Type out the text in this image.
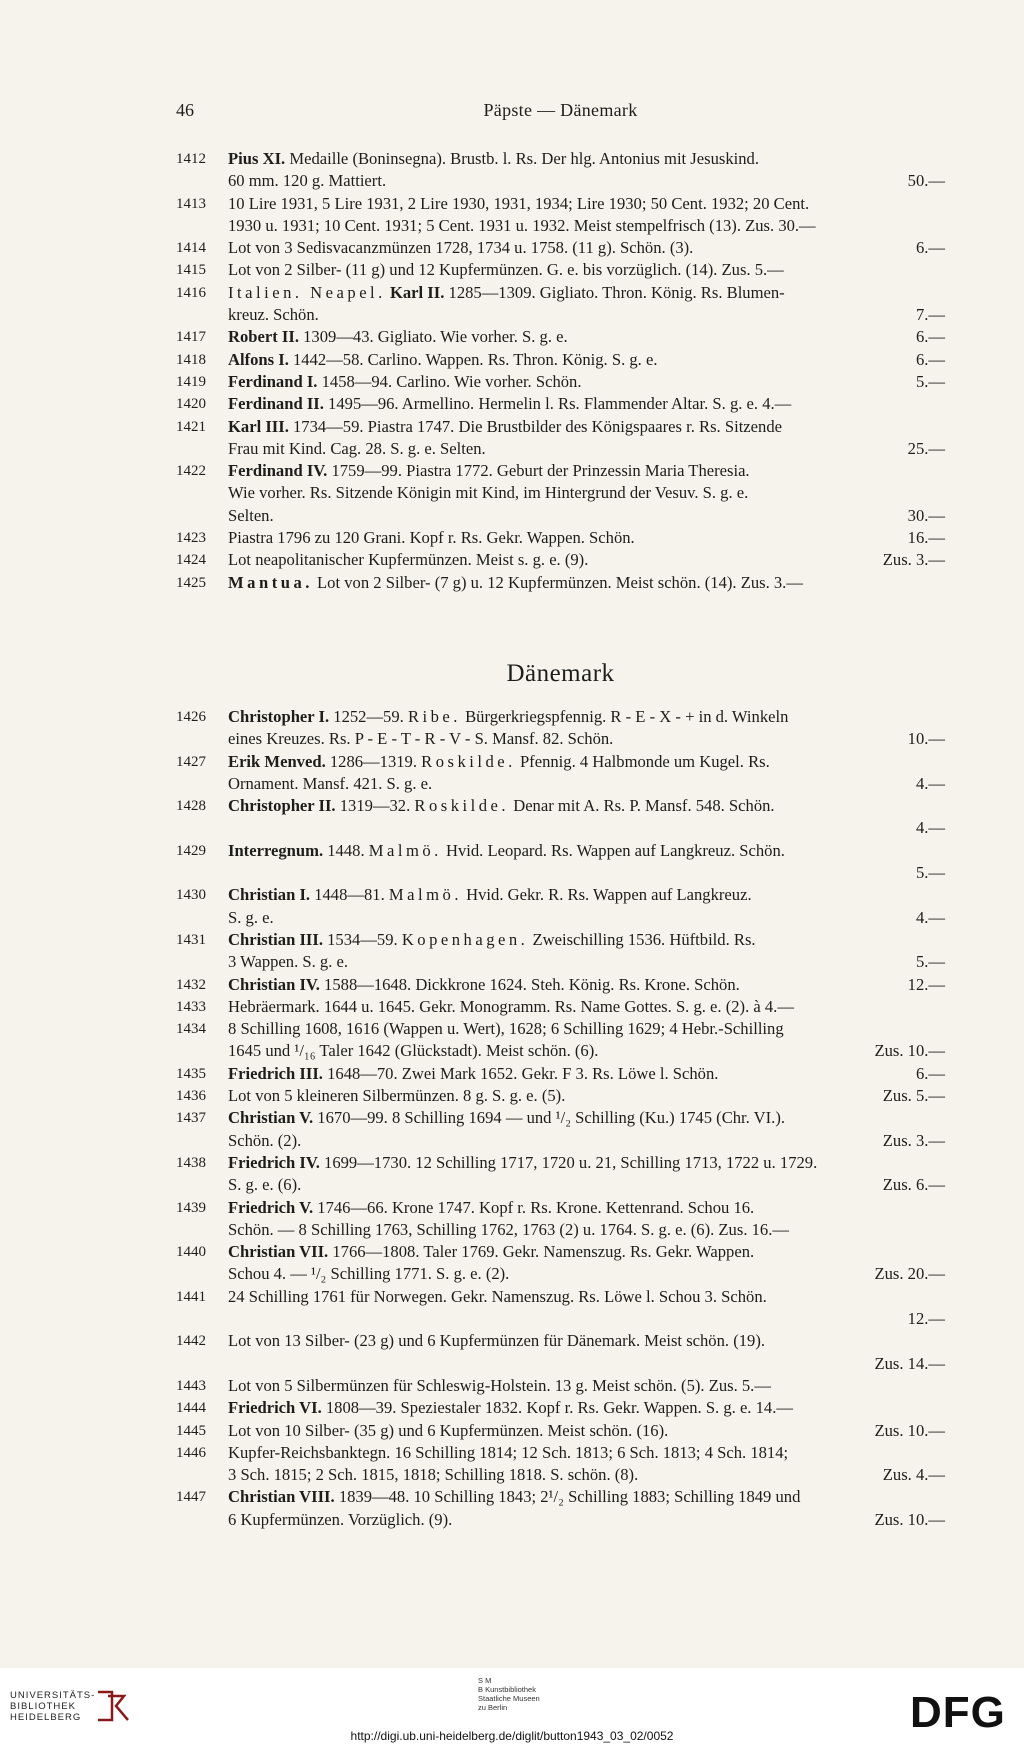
46	Päpste — Dänemark
1412 Pius XI. Medaille (Boninsegna). Brustb. l. Rs. Der hlg. Antonius mit Jesuskind.
60 mm. 120 g. Mattiert.	50.—
1413 10 Lire 1931, 5 Lire 1931, 2 Lire 1930, 1931, 1934; Lire 1930; 50 Cent. 1932; 20 Cent.
1930 u. 1931; 10 Cent. 1931; 5 Cent. 1931 u. 1932. Meist stempelfrisch (13). Zus. 30.—
1414 Lot von 3 Sedisvacanzmünzen 1728, 1734 u. 1758. (11 g). Schön. (3).	6.—
1415 Lot von 2 Silber- (11 g) und 12 Kupfermünzen. G. e. bis vorzüglich. (14). Zus. 5.—
1416 Italien. Neapel. Karl II. 1285—1309. Gigliato. Thron. König. Rs. Blumen-
kreuz. Schön.	7.—
1417 Robert II. 1309—43. Gigliato. Wie vorher. S. g. e.	6.—
1418 Alfons I. 1442—58. Carlino. Wappen. Rs. Thron. König. S. g. e.	6.—
1419 Ferdinand I. 1458—94. Carlino. Wie vorher. Schön.	5.—
1420 Ferdinand II. 1495—96. Armellino. Hermelin l. Rs. Flammender Altar. S. g. e. 4.—
1421 Karl III. 1734—59. Piastra 1747. Die Brustbilder des Königspaares r. Rs. Sitzende
Frau mit Kind. Cag. 28. S. g. e. Selten.	25.—
1422 Ferdinand IV. 1759—99. Piastra 1772. Geburt der Prinzessin Maria Theresia.
Wie vorher. Rs. Sitzende Königin mit Kind, im Hintergrund der Vesuv. S. g. e.
Selten.	30.—
1423 Piastra 1796 zu 120 Grani. Kopf r. Rs. Gekr. Wappen. Schön.	16.—
1424 Lot neapolitanischer Kupfermünzen. Meist s. g. e. (9).	Zus. 3.—
1425 Mantua. Lot von 2 Silber- (7 g) u. 12 Kupfermünzen. Meist schön. (14). Zus. 3.—
Dänemark
1426 Christopher I. 1252—59. Ribe. Bürgerkriegspfennig. R - E - X - + in d. Winkeln
eines Kreuzes. Rs. P - E - T - R - V - S. Mansf. 82. Schön.	10.—
1427 Erik Menved. 1286—1319. Roskilde. Pfennig. 4 Halbmonde um Kugel. Rs.
Ornament. Mansf. 421. S. g. e.	4.—
1428 Christopher II. 1319—32. Roskilde. Denar mit A. Rs. P. Mansf. 548. Schön.
4.—
1429 Interregnum. 1448. Malmö. Hvid. Leopard. Rs. Wappen auf Langkreuz. Schön.
5.—
1430 Christian I. 1448—81. Malmö. Hvid. Gekr. R. Rs. Wappen auf Langkreuz.
S. g. e.	4.—
1431 Christian III. 1534—59. Kopenhagen. Zweischilling 1536. Hüftbild. Rs.
3 Wappen. S. g. e.	5.—
1432 Christian IV. 1588—1648. Dickkrone 1624. Steh. König. Rs. Krone. Schön.	12.—
1433 Hebräermark. 1644 u. 1645. Gekr. Monogramm. Rs. Name Gottes. S. g. e. (2). à 4.—
1434 8 Schilling 1608, 1616 (Wappen u. Wert), 1628; 6 Schilling 1629; 4 Hebr.-Schilling
1645 und ¹/₁₆ Taler 1642 (Glückstadt). Meist schön. (6).	Zus. 10.—
1435 Friedrich III. 1648—70. Zwei Mark 1652. Gekr. F 3. Rs. Löwe l. Schön.	6.—
1436 Lot von 5 kleineren Silbermünzen. 8 g. S. g. e. (5).	Zus. 5.—
1437 Christian V. 1670—99. 8 Schilling 1694 — und ¹/₂ Schilling (Ku.) 1745 (Chr. VI.).
Schön. (2).	Zus. 3.—
1438 Friedrich IV. 1699—1730. 12 Schilling 1717, 1720 u. 21, Schilling 1713, 1722 u. 1729.
S. g. e. (6).	Zus. 6.—
1439 Friedrich V. 1746—66. Krone 1747. Kopf r. Rs. Krone. Kettenrand. Schou 16.
Schön. — 8 Schilling 1763, Schilling 1762, 1763 (2) u. 1764. S. g. e. (6). Zus. 16.—
1440 Christian VII. 1766—1808. Taler 1769. Gekr. Namenszug. Rs. Gekr. Wappen.
Schou 4. — ¹/₂ Schilling 1771. S. g. e. (2).	Zus. 20.—
1441 24 Schilling 1761 für Norwegen. Gekr. Namenszug. Rs. Löwe l. Schou 3. Schön.
12.—
1442 Lot von 13 Silber- (23 g) und 6 Kupfermünzen für Dänemark. Meist schön. (19).
Zus. 14.—
1443 Lot von 5 Silbermünzen für Schleswig-Holstein. 13 g. Meist schön. (5). Zus. 5.—
1444 Friedrich VI. 1808—39. Speziestaler 1832. Kopf r. Rs. Gekr. Wappen. S. g. e. 14.—
1445 Lot von 10 Silber- (35 g) und 6 Kupfermünzen. Meist schön. (16).	Zus. 10.—
1446 Kupfer-Reichsbanktegn. 16 Schilling 1814; 12 Sch. 1813; 6 Sch. 1813; 4 Sch. 1814;
3 Sch. 1815; 2 Sch. 1815, 1818; Schilling 1818. S. schön. (8).	Zus. 4.—
1447 Christian VIII. 1839—48. 10 Schilling 1843; 2¹/₂ Schilling 1883; Schilling 1849 und
6 Kupfermünzen. Vorzüglich. (9).	Zus. 10.—
UNIVERSITÄTS-
BIBLIOTHEK
HEIDELBERG
S M
B Kunstbibliothek
Staatliche Museen
zu Berlin	DFG
http://digi.ub.uni-heidelberg.de/diglit/button1943_03_02/0052
